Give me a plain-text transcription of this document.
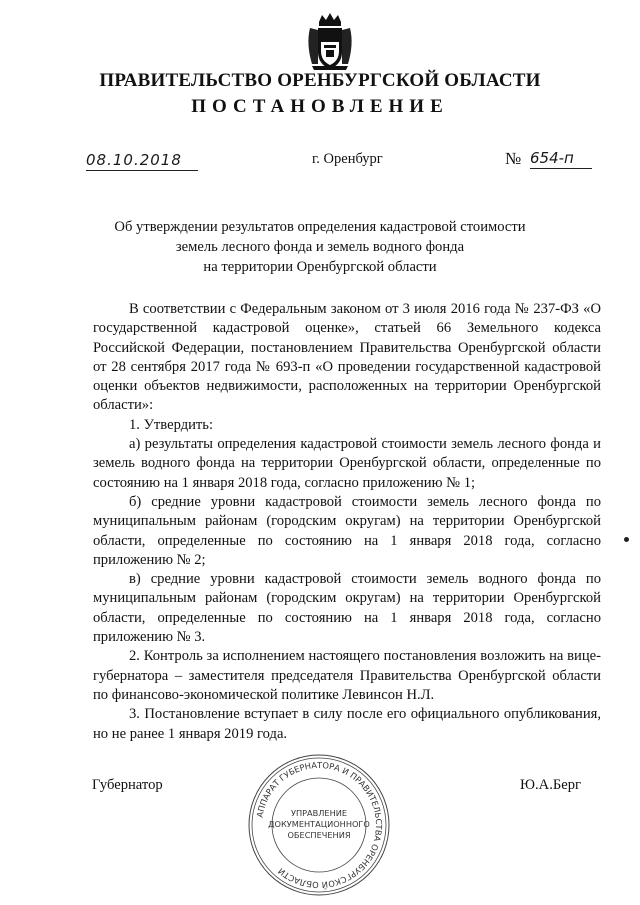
ПРАВИТЕЛЬСТВО ОРЕНБУРГСКОЙ ОБЛАСТИ
ПОСТАНОВЛЕНИЕ
08.10.2018	г. Оренбург	№ 654-п
Об утверждении результатов определения кадастровой стоимости
земель лесного фонда и земель водного фонда
на территории Оренбургской области

В соответствии с Федеральным законом от 3 июля 2016 года № 237-ФЗ «О государственной кадастровой оценке», статьей 66 Земельного кодекса Российской Федерации, постановлением Правительства Оренбургской области от 28 сентября 2017 года № 693-п «О проведении государственной кадастровой оценки объектов недвижимости, расположенных на территории Оренбургской области»:

1. Утвердить:

а) результаты определения кадастровой стоимости земель лесного фонда и земель водного фонда на территории Оренбургской области, определенные по состоянию на 1 января 2018 года, согласно приложению № 1;

б) средние уровни кадастровой стоимости земель лесного фонда по муниципальным районам (городским округам) на территории Оренбургской области, определенные по состоянию на 1 января 2018 года, согласно приложению № 2;

в) средние уровни кадастровой стоимости земель водного фонда по муниципальным районам (городским округам) на территории Оренбургской области, определенные по состоянию на 1 января 2018 года, согласно приложению № 3.

2. Контроль за исполнением настоящего постановления возложить на вице-губернатора – заместителя председателя Правительства Оренбургской области по финансово-экономической политике Левинсон Н.Л.

3. Постановление вступает в силу после его официального опубликования, но не ранее 1 января 2019 года.

Губернатор	Ю.А.Берг
АППАРАТ ГУБЕРНАТОРА И ПРАВИТЕЛЬСТВА ОРЕНБУРГСКОЙ ОБЛАСТИ
УПРАВЛЕНИЕ
ДОКУМЕНТАЦИОННОГО
ОБЕСПЕЧЕНИЯ
